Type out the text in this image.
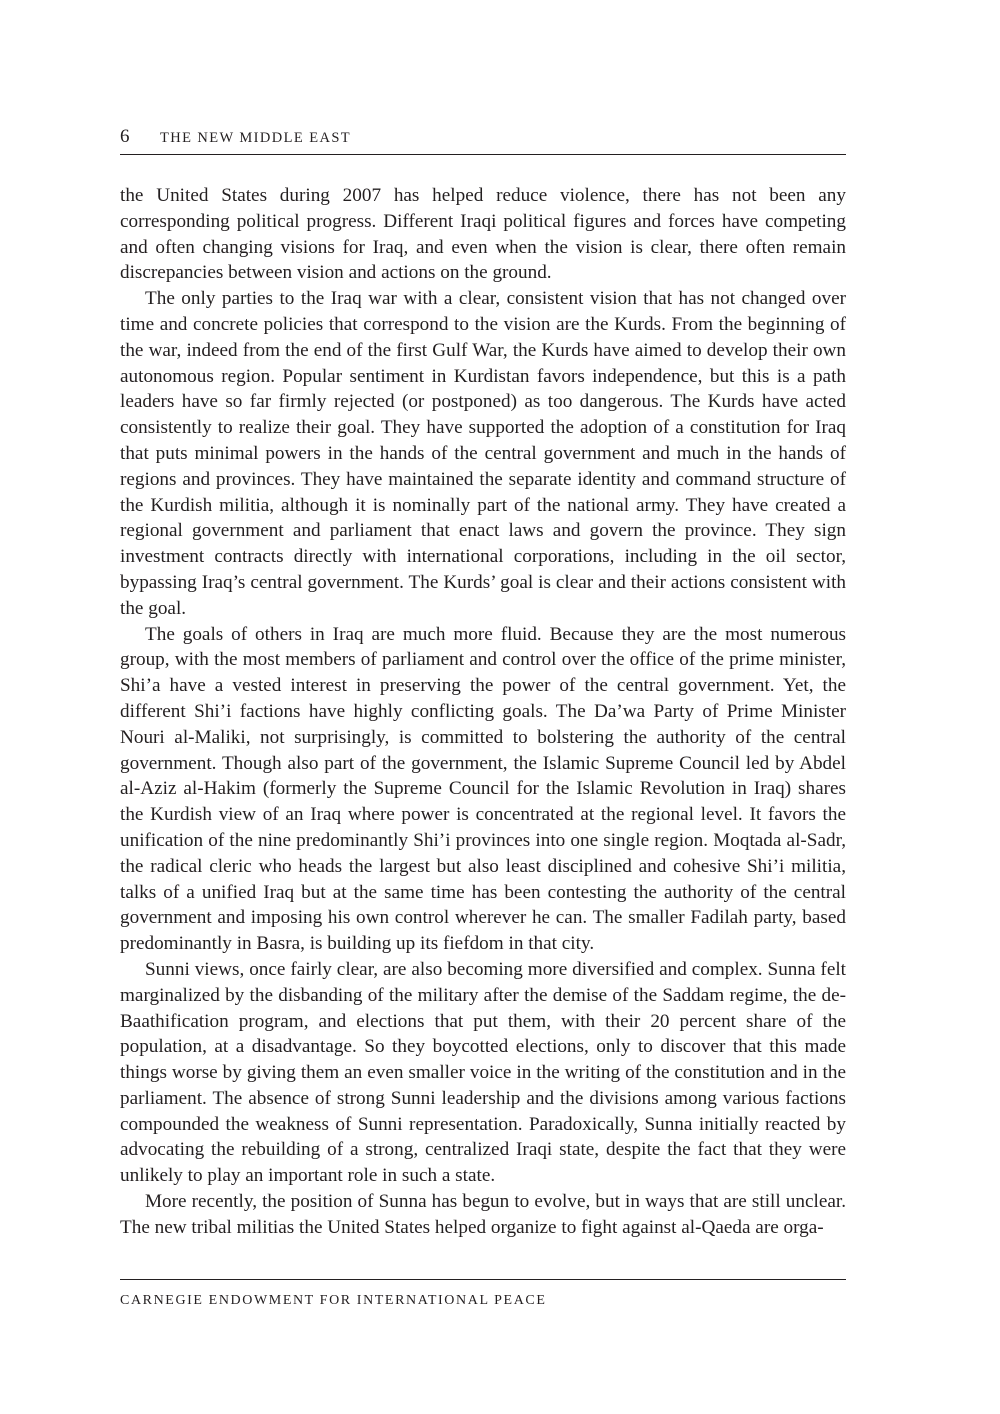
6	THE NEW MIDDLE EAST

the United States during 2007 has helped reduce violence, there has not been any corresponding political progress. Different Iraqi political figures and forces have competing and often changing visions for Iraq, and even when the vision is clear, there often remain discrepancies between vision and actions on the ground.

The only parties to the Iraq war with a clear, consistent vision that has not changed over time and concrete policies that correspond to the vision are the Kurds. From the beginning of the war, indeed from the end of the first Gulf War, the Kurds have aimed to develop their own autonomous region. Popular sentiment in Kurdistan favors independence, but this is a path leaders have so far firmly rejected (or postponed) as too dangerous. The Kurds have acted consistently to realize their goal. They have supported the adoption of a constitution for Iraq that puts minimal powers in the hands of the central government and much in the hands of regions and provinces. They have maintained the separate identity and command structure of the Kurdish militia, although it is nominally part of the national army. They have created a regional government and parliament that enact laws and govern the province. They sign investment contracts directly with international corporations, including in the oil sector, bypassing Iraq’s central government. The Kurds’ goal is clear and their actions consistent with the goal.

The goals of others in Iraq are much more fluid. Because they are the most numerous group, with the most members of parliament and control over the office of the prime minister, Shi’a have a vested interest in preserving the power of the central government. Yet, the different Shi’i factions have highly conflicting goals. The Da’wa Party of Prime Minister Nouri al-Maliki, not surprisingly, is committed to bolstering the authority of the central government. Though also part of the government, the Islamic Supreme Council led by Abdel al-Aziz al-Hakim (formerly the Supreme Council for the Islamic Revolution in Iraq) shares the Kurdish view of an Iraq where power is concentrated at the regional level. It favors the unification of the nine predominantly Shi’i provinces into one single region. Moqtada al-Sadr, the radical cleric who heads the largest but also least disciplined and cohesive Shi’i militia, talks of a unified Iraq but at the same time has been contesting the authority of the central government and imposing his own control wherever he can. The smaller Fadilah party, based predominantly in Basra, is building up its fiefdom in that city.

Sunni views, once fairly clear, are also becoming more diversified and complex. Sunna felt marginalized by the disbanding of the military after the demise of the Saddam regime, the de-Baathification program, and elections that put them, with their 20 percent share of the population, at a disadvantage. So they boycotted elections, only to discover that this made things worse by giving them an even smaller voice in the writing of the constitution and in the parliament. The absence of strong Sunni leadership and the divisions among various factions compounded the weakness of Sunni representation. Paradoxically, Sunna initially reacted by advocating the rebuilding of a strong, centralized Iraqi state, despite the fact that they were unlikely to play an important role in such a state.

More recently, the position of Sunna has begun to evolve, but in ways that are still unclear. The new tribal militias the United States helped organize to fight against al-Qaeda are orga-

CARNEGIE ENDOWMENT FOR INTERNATIONAL PEACE
